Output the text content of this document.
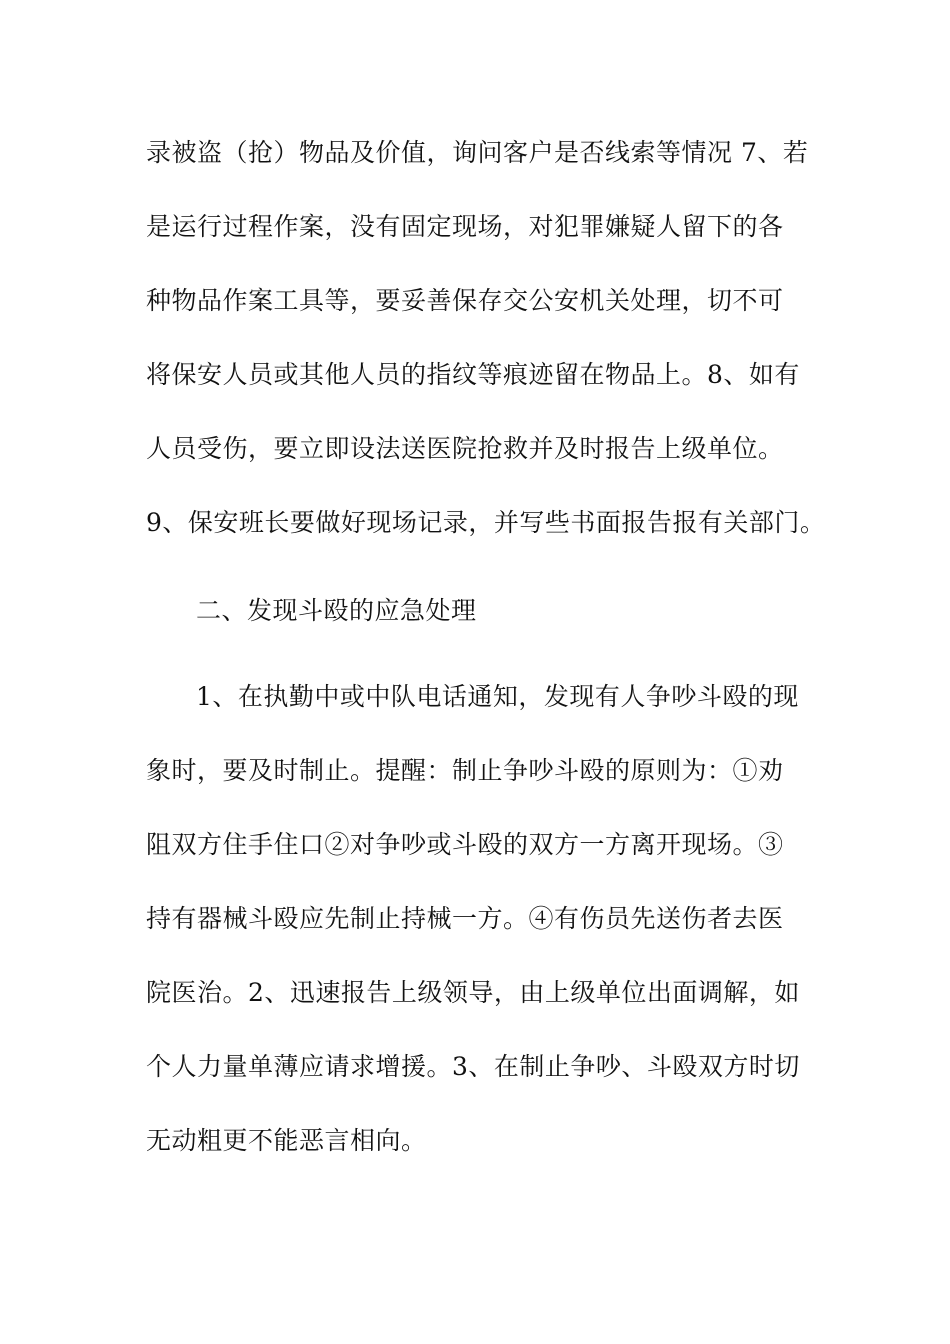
录被盗（抢）物品及价值，询问客户是否线索等情况 7、若
是运行过程作案，没有固定现场，对犯罪嫌疑人留下的各
种物品作案工具等，要妥善保存交公安机关处理，切不可
将保安人员或其他人员的指纹等痕迹留在物品上。8、如有
人员受伤，要立即设法送医院抢救并及时报告上级单位。
9、保安班长要做好现场记录，并写些书面报告报有关部门。
二、发现斗殴的应急处理
1、在执勤中或中队电话通知，发现有人争吵斗殴的现
象时，要及时制止。提醒：制止争吵斗殴的原则为：①劝
阻双方住手住口②对争吵或斗殴的双方一方离开现场。③
持有器械斗殴应先制止持械一方。④有伤员先送伤者去医
院医治。2、迅速报告上级领导，由上级单位出面调解，如
个人力量单薄应请求增援。3、在制止争吵、斗殴双方时切
无动粗更不能恶言相向。
